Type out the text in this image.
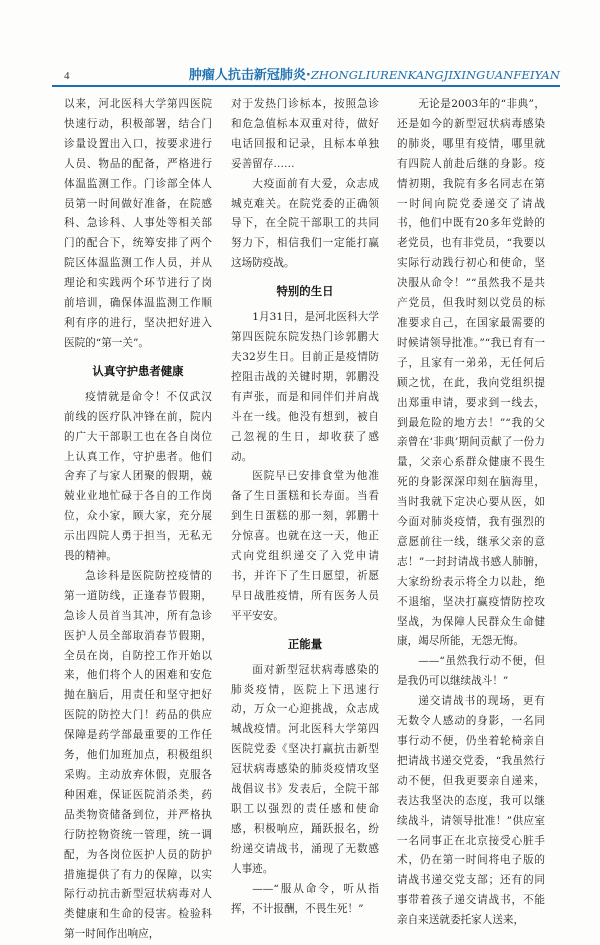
4	肿瘤人抗击新冠肺炎·ZHONGLIURENKANGJIXINGUANFEIYAN

以来，河北医科大学第四医院快速行动，积极部署，结合门诊量设置出入口，按要求进行人员、物品的配备，严格进行体温监测工作。门诊部全体人员第一时间做好准备，在院感科、急诊科、人事处等相关部门的配合下，统筹安排了两个院区体温监测工作人员，并从理论和实践两个环节进行了岗前培训，确保体温监测工作顺利有序的进行，坚决把好进入医院的“第一关”。

认真守护患者健康

疫情就是命令！不仅武汉前线的医疗队冲锋在前，院内的广大干部职工也在各自岗位上认真工作，守护患者。他们舍弃了与家人团聚的假期，兢兢业业地忙碌于各自的工作岗位，众小家，顾大家，充分展示出四院人勇于担当，无私无畏的精神。

急诊科是医院防控疫情的第一道防线，正逢春节假期，急诊人员首当其冲，所有急诊医护人员全部取消春节假期，全员在岗，自防控工作开始以来，他们将个人的困难和安危抛在脑后，用责任和坚守把好医院的防控大门！药品的供应保障是药学部最重要的工作任务，他们加班加点，积极组织采购。主动放弃休假，克服各种困难，保证医院消杀类，药品类物资储备到位，并严格执行防控物资统一管理，统一调配，为各岗位医护人员的防护措施提供了有力的保障，以实际行动抗击新型冠状病毒对人类健康和生命的侵害。检验科第一时间作出响应，

对于发热门诊标本，按照急诊和危急值标本双重对待，做好电话回报和记录，且标本单独妥善留存……

大疫面前有大爱，众志成城克难关。在院党委的正确领导下，在全院干部职工的共同努力下，相信我们一定能打赢这场防疫战。

特别的生日

1月31日，是河北医科大学第四医院东院发热门诊郭鹏大夫32岁生日。目前正是疫情防控阻击战的关键时期，郭鹏没有声张，而是和同伴们并肩战斗在一线。他没有想到，被自己忽视的生日，却收获了感动。

医院早已安排食堂为他准备了生日蛋糕和长寿面。当看到生日蛋糕的那一刻，郭鹏十分惊喜。也就在这一天，他正式向党组织递交了入党申请书，并许下了生日愿望，祈愿早日战胜疫情，所有医务人员平平安安。

正能量

面对新型冠状病毒感染的肺炎疫情，医院上下迅速行动，万众一心迎挑战，众志成城战疫情。河北医科大学第四医院党委《坚决打赢抗击新型冠状病毒感染的肺炎疫情攻坚战倡议书》发表后，全院干部职工以强烈的责任感和使命感，积极响应，踊跃报名，纷纷递交请战书，涌现了无数感人事迹。

——“服从命令，听从指挥，不计报酬，不畏生死！”

无论是2003年的“非典”，还是如今的新型冠状病毒感染的肺炎，哪里有疫情，哪里就有四院人前赴后继的身影。疫情初期，我院有多名同志在第一时间向院党委递交了请战书，他们中既有20多年党龄的老党员，也有非党员，“我要以实际行动践行初心和使命，坚决服从命令！”“虽然我不是共产党员，但我时刻以党员的标准要求自己，在国家最需要的时候请领导批准。”“我已育有一子，且家有一弟弟，无任何后顾之忧，在此，我向党组织提出郑重申请，要求到一线去，到最危险的地方去！”“我的父亲曾在‘非典’期间贡献了一份力量，父亲心系群众健康不畏生死的身影深深印刻在脑海里，当时我就下定决心要从医，如今面对肺炎疫情，我有强烈的意愿前往一线，继承父亲的意志！”一封封请战书感人肺腑，大家纷纷表示将全力以赴，绝不退缩，坚决打赢疫情防控攻坚战，为保障人民群众生命健康，竭尽所能，无怨无悔。

——“虽然我行动不便，但是我仍可以继续战斗！”

递交请战书的现场，更有无数令人感动的身影，一名同事行动不便，仍坐着轮椅亲自把请战书递交党委，“我虽然行动不便，但我更要亲自递来，表达我坚决的态度，我可以继续战斗，请领导批准！”供应室一名同事正在北京接受心脏手术，仍在第一时间将电子版的请战书递交党支部；还有的同事带着孩子递交请战书，不能亲自来送就委托家人送来，
